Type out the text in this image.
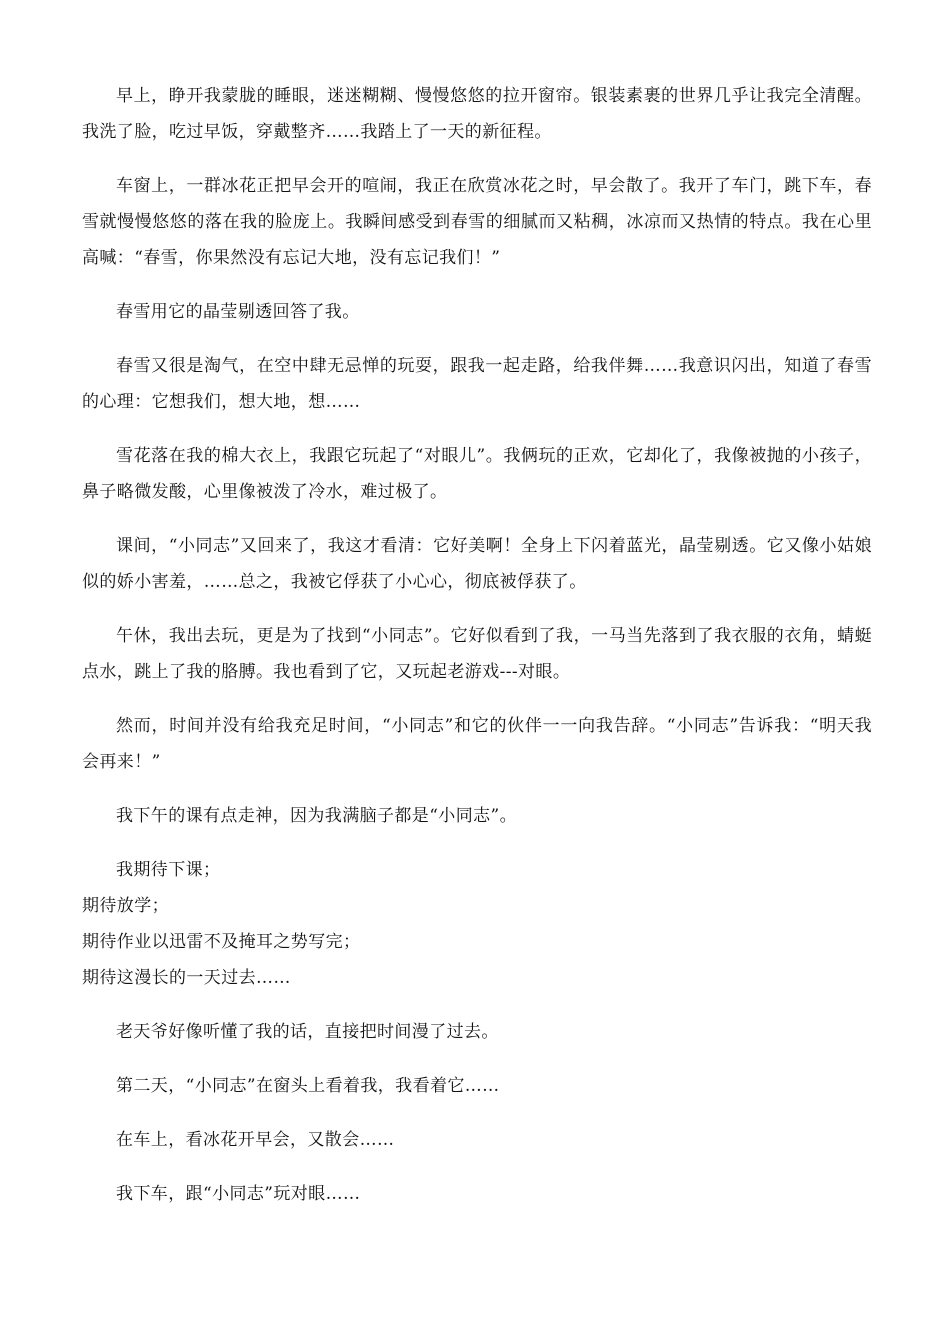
早上，睁开我蒙胧的睡眼，迷迷糊糊、慢慢悠悠的拉开窗帘。银装素裹的世界几乎让我完全清醒。我洗了脸，吃过早饭，穿戴整齐……我踏上了一天的新征程。

车窗上，一群冰花正把早会开的喧闹，我正在欣赏冰花之时，早会散了。我开了车门，跳下车，春雪就慢慢悠悠的落在我的脸庞上。我瞬间感受到春雪的细腻而又粘稠，冰凉而又热情的特点。我在心里高喊：“春雪，你果然没有忘记大地，没有忘记我们！”

春雪用它的晶莹剔透回答了我。

春雪又很是淘气，在空中肆无忌惮的玩耍，跟我一起走路，给我伴舞……我意识闪出，知道了春雪的心理：它想我们，想大地，想……

雪花落在我的棉大衣上，我跟它玩起了“对眼儿”。我俩玩的正欢，它却化了，我像被抛的小孩子，鼻子略微发酸，心里像被泼了冷水，难过极了。

课间，“小同志”又回来了，我这才看清：它好美啊！全身上下闪着蓝光，晶莹剔透。它又像小姑娘似的娇小害羞，……总之，我被它俘获了小心心，彻底被俘获了。

午休，我出去玩，更是为了找到“小同志”。它好似看到了我，一马当先落到了我衣服的衣角，蜻蜓点水，跳上了我的胳膊。我也看到了它，又玩起老游戏---对眼。

然而，时间并没有给我充足时间，“小同志”和它的伙伴一一向我告辞。“小同志”告诉我：“明天我会再来！”

我下午的课有点走神，因为我满脑子都是“小同志”。

我期待下课；

期待放学；

期待作业以迅雷不及掩耳之势写完；

期待这漫长的一天过去……

老天爷好像听懂了我的话，直接把时间漫了过去。

第二天，“小同志”在窗头上看着我，我看着它……

在车上，看冰花开早会，又散会……

我下车，跟“小同志”玩对眼……
